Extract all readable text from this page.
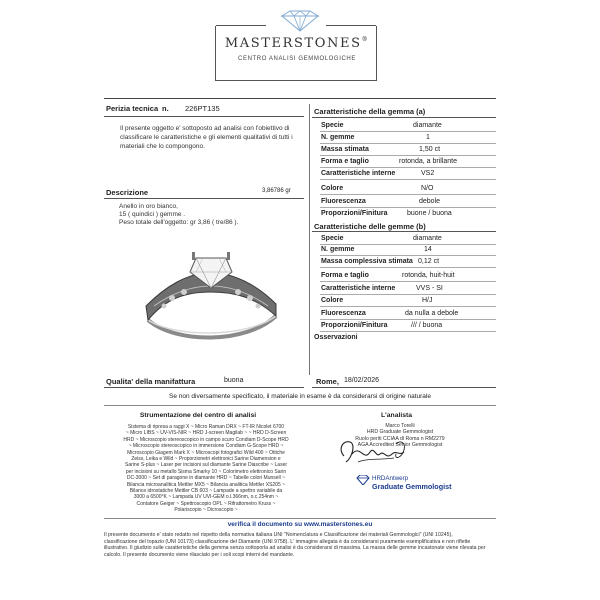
MASTERSTONES®
CENTRO ANALISI GEMMOLOGICHE
Perizia tecnica n. 226PT135
Il presente oggetto e' sottoposto ad analisi con l'obiettivo di classificare le caratteristiche e gli elementi qualitativi di tutti i materiali che lo compongono.
Descrizione	3,86786 gr
Anello in oro bianco,
15 ( quindici ) gemme .
Peso totale dell'oggetto: gr 3,86 ( tre/86 ).
Caratteristiche della gemma (a)
Specie	diamante
N. gemme	1
Massa stimata	1,50 ct
Forma e taglio	rotonda, a brillante
Caratteristiche interne	VS2
Colore	N/O
Fluorescenza	debole
Proporzioni/Finitura	buone / buona
Caratteristiche delle gemme (b)
Specie	diamante
N. gemme	14
Massa complessiva stimata 0,12 ct
Forma e taglio	rotonda, huit-huit
Caratteristiche interne	VVS - SI
Colore	H/J
Fluorescenza	da nulla a debole
Proporzioni/Finitura	/// / buona
Osservazioni
Qualita' della manifattura	buona	Rome, 18/02/2026
Se non diversamente specificato, il materiale in esame è da considerarsi di origine naturale
Strumentazione del centro di analisi
Sistema di ripresa a raggi X ~ Micro Raman DRX ~ FT-IR Nicolet 6700
~ Micro LIBS ~ UV-VIS-NIR ~ HRD J-screen Magilab ~ ~ HRD D-Screen
HRD ~ Microscopio stereoscopico in campo scuro Condiam D-Scope HRD
~ Microscopio stereoscopico in immersione Condiam G-Scope HRD ~
Microscopio Giagem Mark X ~ Microscopi fotografici Wild 400 ~ Ottiche
Zeiss, Leika e Wild ~ Proporzionetri elettronici Sarine Diamension e
Sarine S-plus ~ Laser per incisioni sul diamante Sarine Diascribe ~ Laser
per incisioni su metallo Sisma Smarky 10 ~ Colorimetro elettronico Sarin
DC-3000 ~ Set di paragone in diamante HRD ~ Tabelle colori Munsell ~
Bilancia microanalitica Mettler MX5 ~ Bilancia analitica Mettler XS205 ~
Bilance idrostatiche Mettler CB 603 ~ Lampade a spettro variabile da
3000 a 6500°K ~ Lampada UV UVI-GEM o.l.366nm, o.c.254nm ~
Contatore Geiger ~ Spettroscopio OPL ~ Rifrattometro Kruss ~
Polariscopio ~ Dicroscopio ~
L'analista
Marco Torelli
HRD Graduate Gemmologist
Ruolo periti CCIAA di Roma n RM2279
AGA Accredited Senior Gemmologist
HRDAntwerp
Graduate Gemmologist
verifica il documento su www.masterstones.eu
Il presente documento e' stato redatto nel rispetto della normativa italiana UNI "Nomenclatura e Classificazione dei materiali Gemmologici" (UNI 10245),
classificazione del topazio (UNI 10173) classificazione del Diamante (UNI 9758). L' immagine allegata è da considerarsi puramente esemplificativa e non riflette
illustrativo. Il giudizio sulle caratteristiche della gemma senza sottoporla ad analisi è da considerarsi di massima. La massa delle gemme incastonate viene rilevata per
calcolo. Il presente documento viene rilasciato per i soli scopi interni del mandante.
